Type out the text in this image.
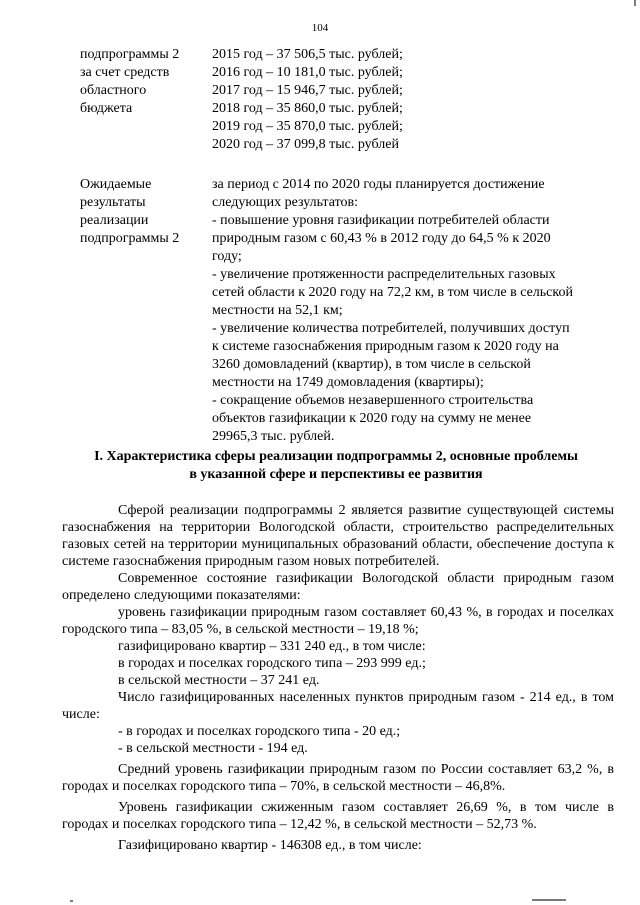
104
подпрограммы 2
за счет средств
областного
бюджета
2015 год – 37 506,5 тыс. рублей;
2016 год – 10 181,0 тыс. рублей;
2017 год – 15 946,7 тыс. рублей;
2018 год – 35 860,0 тыс. рублей;
2019 год – 35 870,0 тыс. рублей;
2020 год – 37 099,8 тыс. рублей
Ожидаемые
результаты
реализации
подпрограммы 2
за период с 2014 по 2020 годы планируется достижение
следующих результатов:
- повышение уровня газификации потребителей области
природным газом с 60,43 % в 2012 году до 64,5 % к 2020
году;
- увеличение протяженности распределительных газовых
сетей области к 2020 году на 72,2 км, в том числе в сельской
местности на 52,1 км;
- увеличение количества потребителей, получивших доступ
к системе газоснабжения природным газом к 2020 году на
3260 домовладений (квартир), в том числе в сельской
местности на 1749 домовладения (квартиры);
- сокращение объемов незавершенного строительства
объектов газификации к 2020 году на сумму не менее
29965,3 тыс. рублей.
I. Характеристика сферы реализации подпрограммы 2, основные проблемы
в указанной сфере и перспективы ее развития

Сферой реализации подпрограммы 2 является развитие существующей системы газоснабжения на территории Вологодской области, строительство распределительных газовых сетей на территории муниципальных образований области, обеспечение доступа к системе газоснабжения природным газом новых потребителей.

Современное состояние газификации Вологодской области природным газом определено следующими показателями:

уровень газификации природным газом составляет 60,43 %, в городах и поселках городского типа – 83,05 %, в сельской местности – 19,18 %;

газифицировано квартир – 331 240 ед., в том числе:

в городах и поселках городского типа – 293 999 ед.;

в сельской местности – 37 241 ед.

Число газифицированных населенных пунктов природным газом - 214 ед., в том числе:

- в городах и поселках городского типа - 20 ед.;

- в сельской местности - 194 ед.

Средний уровень газификации природным газом по России составляет 63,2 %, в городах и поселках городского типа – 70%, в сельской местности – 46,8%.

Уровень газификации сжиженным газом составляет 26,69 %, в том числе в городах и поселках городского типа – 12,42 %, в сельской местности – 52,73 %.

Газифицировано квартир - 146308 ед., в том числе:
